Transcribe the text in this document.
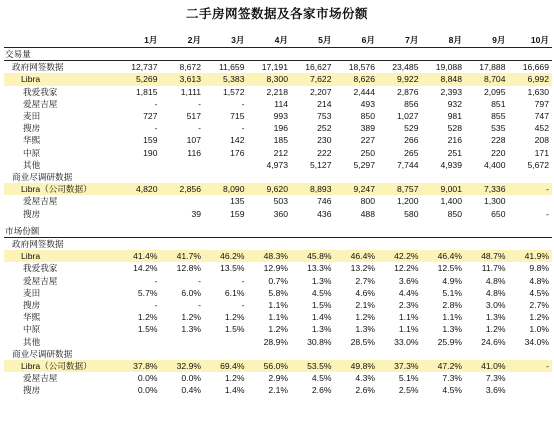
二手房网签数据及各家市场份额
	1月	2月	3月	4月	5月	6月	7月	8月	9月	10月
交易量										
政府网签数据	12,737	8,672	11,659	17,191	16,627	18,576	23,485	19,088	17,888	16,669
Libra	5,269	3,613	5,383	8,300	7,622	8,626	9,922	8,848	8,704	6,992
我爱我家	1,815	1,111	1,572	2,218	2,207	2,444	2,876	2,393	2,095	1,630
爱屋吉屋	-	-	-	114	214	493	856	932	851	797
麦田	727	517	715	993	753	850	1,027	981	855	747
搜房	-	-	-	196	252	389	529	528	535	452
华熙	159	107	142	185	230	227	266	216	228	208
中原	190	116	176	212	222	250	265	251	220	171
其他				4,973	5,127	5,297	7,744	4,939	4,400	5,672
商业尽调研数据										
Libra（公司数据）	4,820	2,856	8,090	9,620	8,893	9,247	8,757	9,001	7,336	-
爱屋吉屋			135	503	746	800	1,200	1,400	1,300	
搜房		39	159	360	436	488	580	850	650	-

市场份额										
政府网签数据										
Libra	41.4%	41.7%	46.2%	48.3%	45.8%	46.4%	42.2%	46.4%	48.7%	41.9%
我爱我家	14.2%	12.8%	13.5%	12.9%	13.3%	13.2%	12.2%	12.5%	11.7%	9.8%
爱屋吉屋	-	-	-	0.7%	1.3%	2.7%	3.6%	4.9%	4.8%	4.8%
麦田	5.7%	6.0%	6.1%	5.8%	4.5%	4.6%	4.4%	5.1%	4.8%	4.5%
搜房	-	-	-	1.1%	1.5%	2.1%	2.3%	2.8%	3.0%	2.7%
华熙	1.2%	1.2%	1.2%	1.1%	1.4%	1.2%	1.1%	1.1%	1.3%	1.2%
中原	1.5%	1.3%	1.5%	1.2%	1.3%	1.3%	1.1%	1.3%	1.2%	1.0%
其他				28.9%	30.8%	28.5%	33.0%	25.9%	24.6%	34.0%
商业尽调研数据										
Libra（公司数据）	37.8%	32.9%	69.4%	56.0%	53.5%	49.8%	37.3%	47.2%	41.0%	-
爱屋吉屋	0.0%	0.0%	1.2%	2.9%	4.5%	4.3%	5.1%	7.3%	7.3%	
搜房	0.0%	0.4%	1.4%	2.1%	2.6%	2.6%	2.5%	4.5%	3.6%	
